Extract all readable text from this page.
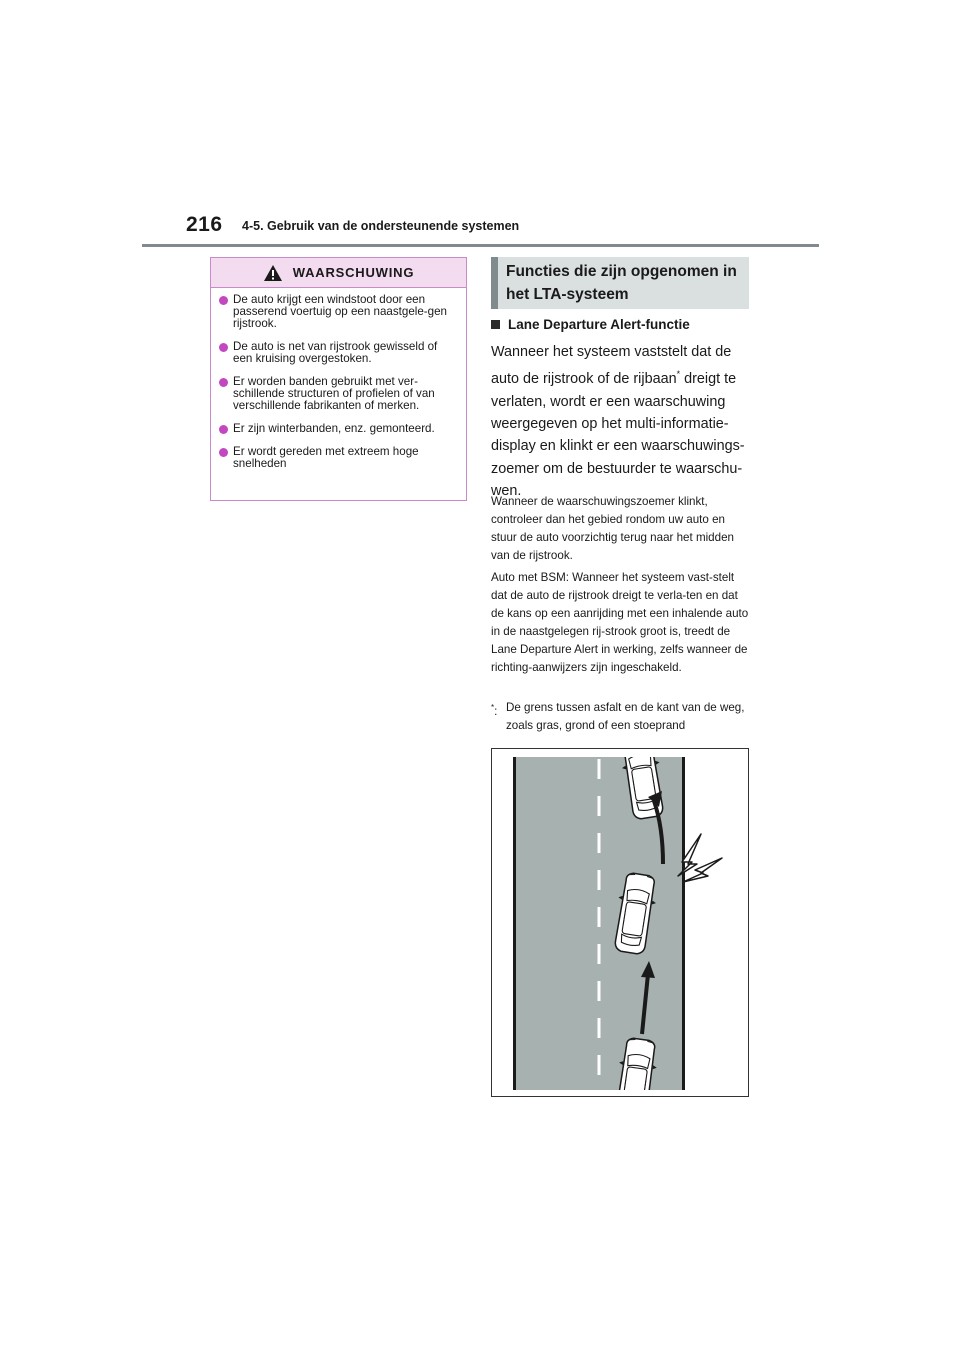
216 4-5. Gebruik van de ondersteunende systemen
WAARSCHUWING
De auto krijgt een windstoot door een passerend voertuig op een naastgele-gen rijstrook.
De auto is net van rijstrook gewisseld of een kruising overgestoken.
Er worden banden gebruikt met ver-schillende structuren of profielen of van verschillende fabrikanten of merken.
Er zijn winterbanden, enz. gemonteerd.
Er wordt gereden met extreem hoge snelheden
Functies die zijn opgenomen in
het LTA-systeem
Lane Departure Alert-functie

Wanneer het systeem vaststelt dat de auto de rijstrook of de rijbaan* dreigt te verlaten, wordt er een waarschuwing weergegeven op het multi-informatie-display en klinkt er een waarschuwings-zoemer om de bestuurder te waarschu-wen.

Wanneer de waarschuwingszoemer klinkt, controleer dan het gebied rondom uw auto en stuur de auto voorzichtig terug naar het midden van de rijstrook.

Auto met BSM: Wanneer het systeem vast-stelt dat de auto de rijstrook dreigt te verla-ten en dat de kans op een aanrijding met een inhalende auto in de naastgelegen rij-strook groot is, treedt de Lane Departure Alert in werking, zelfs wanneer de richting-aanwijzers zijn ingeschakeld.

*: De grens tussen asfalt en de kant van de weg, zoals gras, grond of een stoeprand
